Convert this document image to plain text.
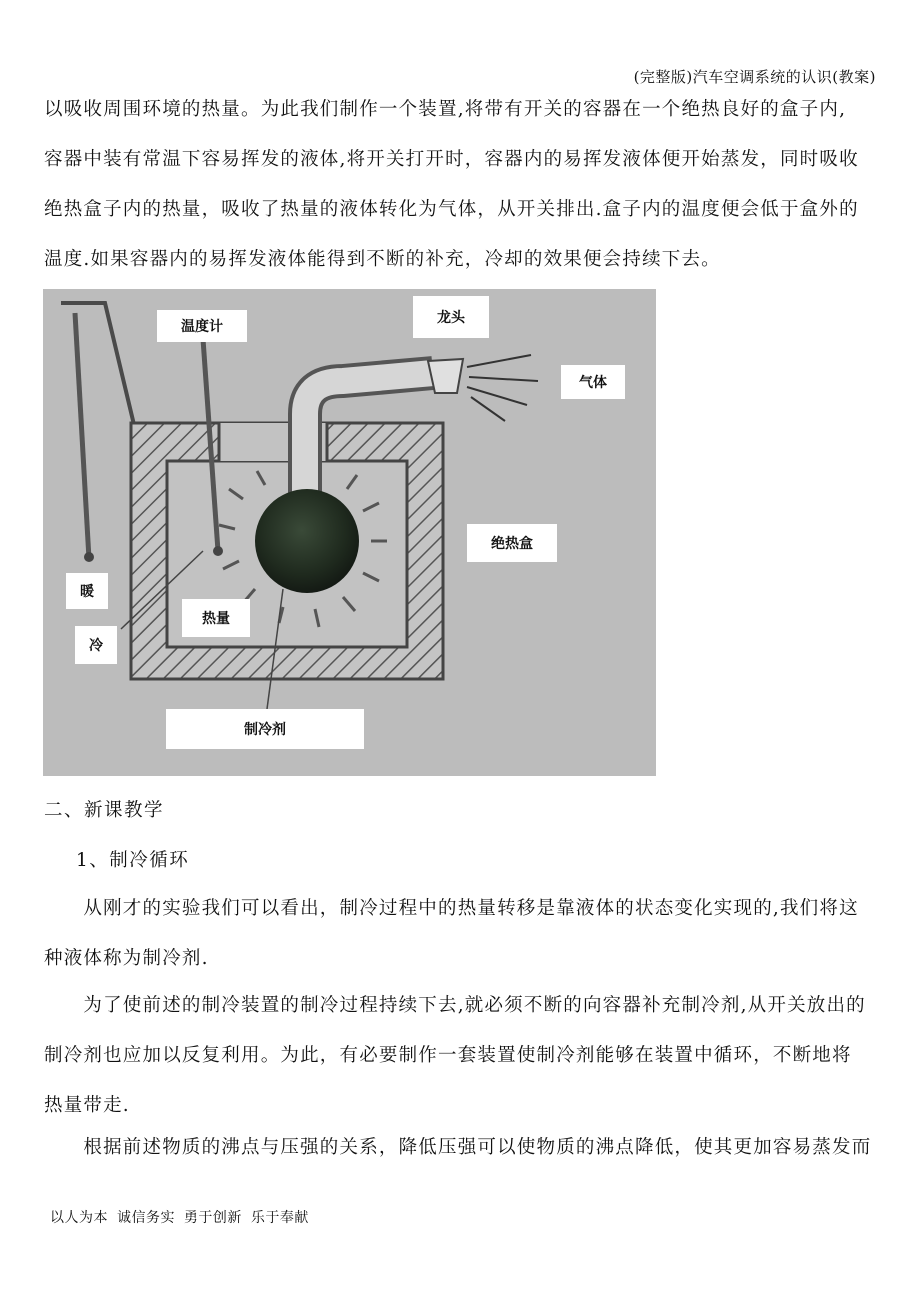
(完整版)汽车空调系统的认识(教案)
以吸收周围环境的热量。为此我们制作一个装置,将带有开关的容器在一个绝热良好的盒子内,
容器中装有常温下容易挥发的液体,将开关打开时，容器内的易挥发液体便开始蒸发，同时吸收
绝热盒子内的热量，吸收了热量的液体转化为气体，从开关排出.盒子内的温度便会低于盒外的
温度.如果容器内的易挥发液体能得到不断的补充，冷却的效果便会持续下去。
温度计
龙头
气体
绝热盒
暖
冷
热量
制冷剂
二、新课教学
1、制冷循环
　　从刚才的实验我们可以看出，制冷过程中的热量转移是靠液体的状态变化实现的,我们将这
种液体称为制冷剂.
　　为了使前述的制冷装置的制冷过程持续下去,就必须不断的向容器补充制冷剂,从开关放出的
制冷剂也应加以反复利用。为此，有必要制作一套装置使制冷剂能够在装置中循环，不断地将
热量带走.
　　根据前述物质的沸点与压强的关系，降低压强可以使物质的沸点降低，使其更加容易蒸发而
以人为本 诚信务实 勇于创新 乐于奉献
